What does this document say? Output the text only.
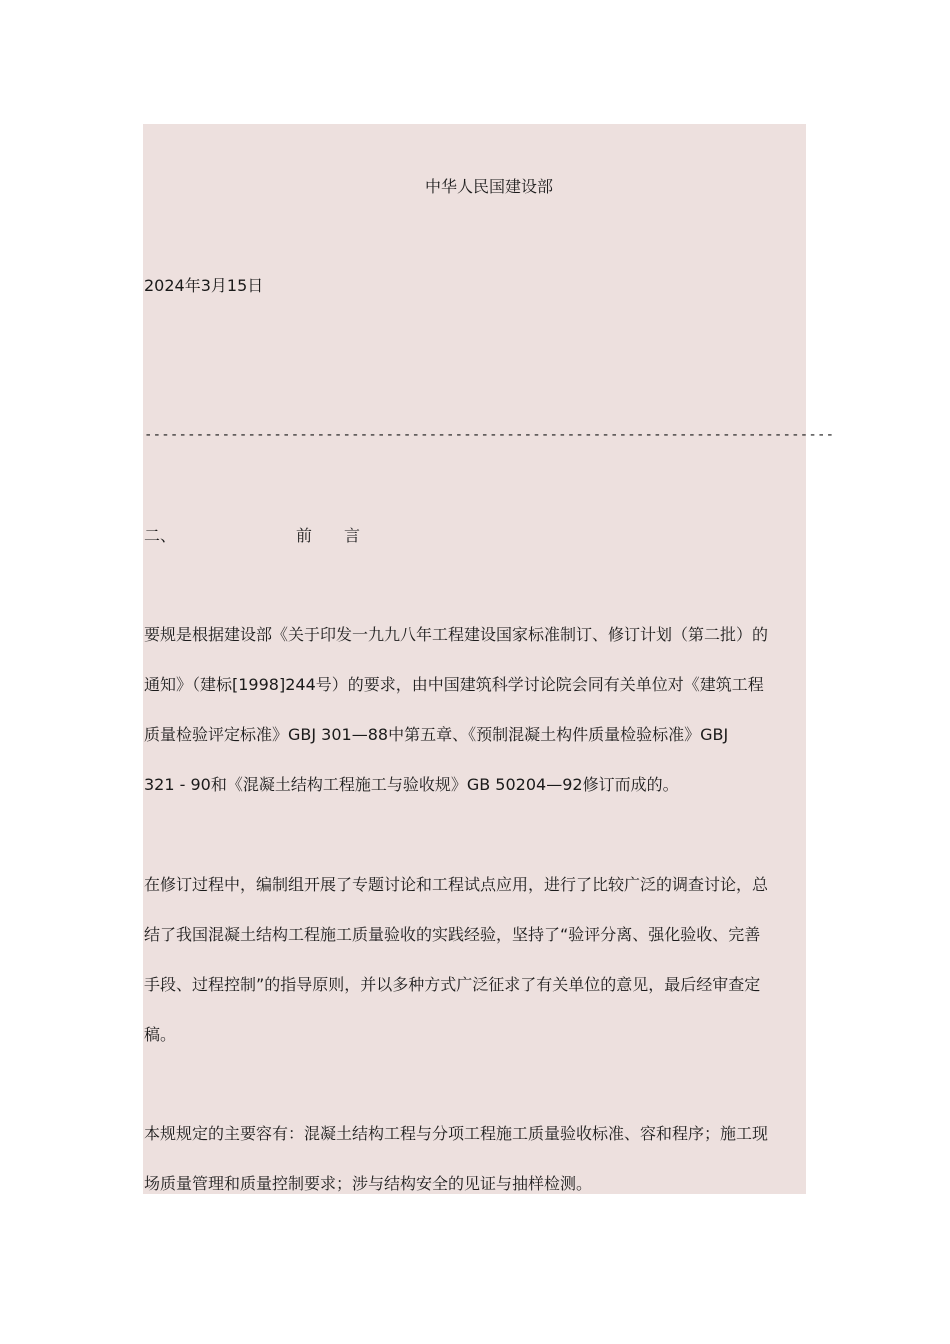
中华人民国建设部
2024年3月15日
--------------------------------------------------------------------------------
二、	前　　言
要规是根据建设部《关于印发一九九八年工程建设国家标准制订、修订计划（第二批）的
通知》（建标[1998]244号）的要求，由中国建筑科学讨论院会同有关单位对《建筑工程
质量检验评定标准》GBJ 301—88中第五章、《预制混凝土构件质量检验标准》GBJ
321 - 90和《混凝土结构工程施工与验收规》GB 50204—92修订而成的。
在修订过程中，编制组开展了专题讨论和工程试点应用，进行了比较广泛的调查讨论，总
结了我国混凝土结构工程施工质量验收的实践经验，坚持了“验评分离、强化验收、完善
手段、过程控制”的指导原则，并以多种方式广泛征求了有关单位的意见，最后经审查定
稿。
本规规定的主要容有：混凝土结构工程与分项工程施工质量验收标准、容和程序；施工现
场质量管理和质量控制要求；涉与结构安全的见证与抽样检测。
